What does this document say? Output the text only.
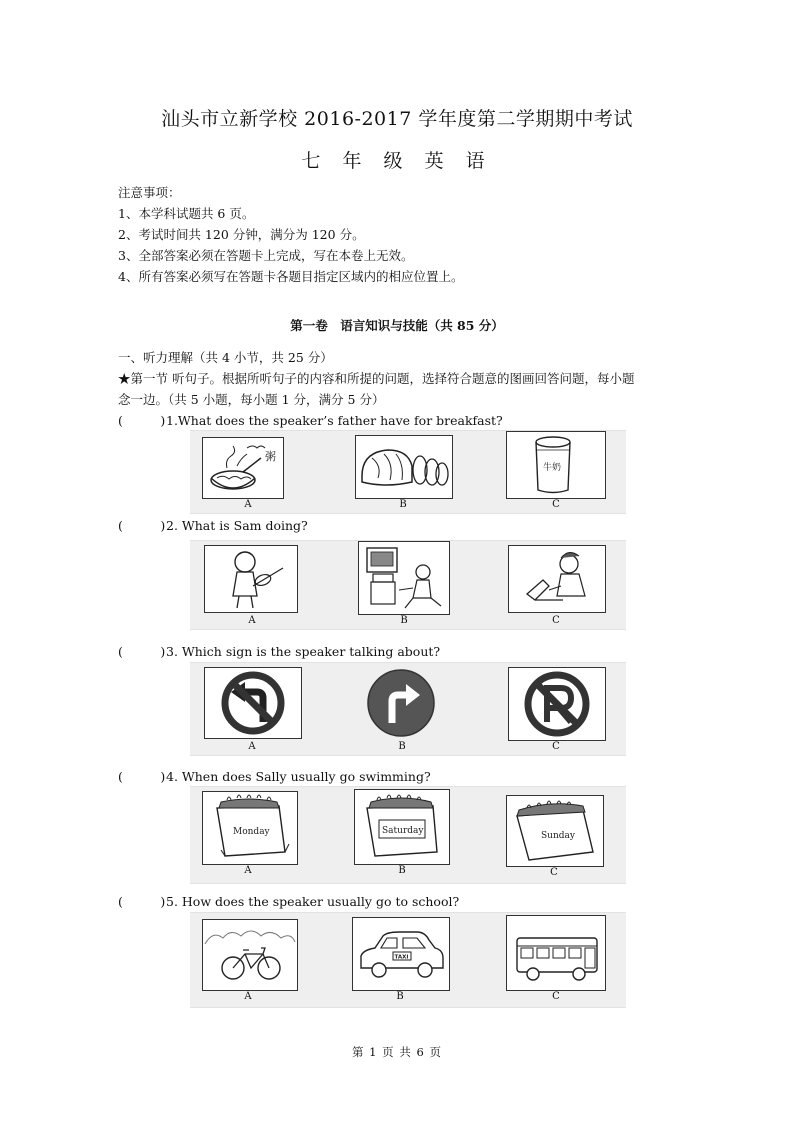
汕头市立新学校 2016-2017 学年度第二学期期中考试
七 年 级 英 语
注意事项：
1、本学科试题共 6 页。
2、考试时间共 120 分钟，满分为 120 分。
3、全部答案必须在答题卡上完成，写在本卷上无效。
4、所有答案必须写在答题卡各题目指定区域内的相应位置上。
第一卷　语言知识与技能（共 85 分）
一、听力理解（共 4 小节，共 25 分）
★第一节 听句子。根据所听句子的内容和所提的问题，选择符合题意的图画回答问题，每小题
念一边。（共 5 小题，每小题 1 分，满分 5 分）
(　　　)1.What does the speaker’s father have for breakfast?
粥
牛奶
A	B	C
(　　　)2. What is Sam doing?
A	B	C
(　　　)3. Which sign is the speaker talking about?
A	B	C
(　　　)4. When does Sally usually go swimming?
Monday	Saturday	Sunday
A	B	C
(　　　)5. How does the speaker usually go to school?
TAXI
A	B	C
第 1 页 共 6 页
